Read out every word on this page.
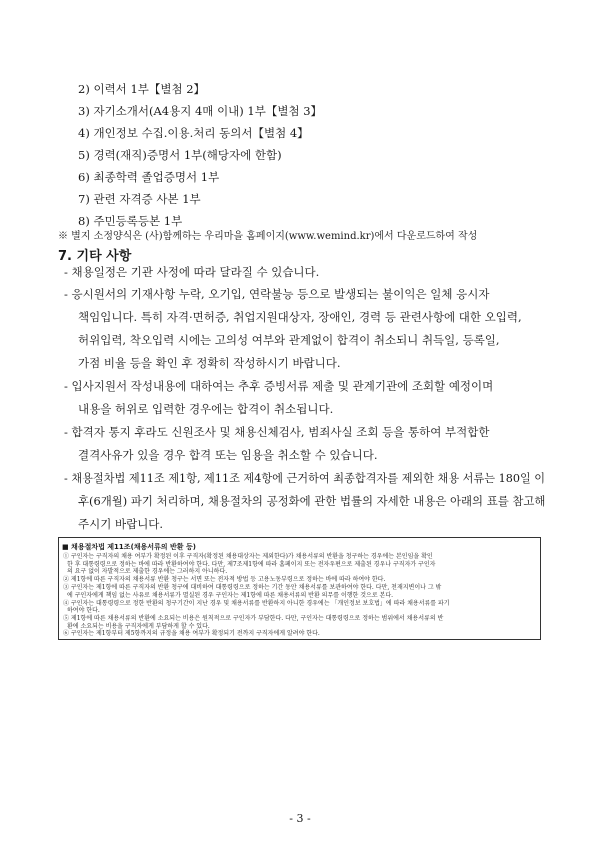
2) 이력서 1부【별첨 2】
3) 자기소개서(A4용지 4매 이내) 1부【별첨 3】
4) 개인정보 수집.이용.처리 동의서【별첨 4】
5) 경력(재직)증명서 1부(해당자에 한함)
6) 최종학력 졸업증명서 1부
7) 관련 자격증 사본 1부
8) 주민등록등본 1부
※ 별지 소정양식은 (사)함께하는 우리마을 홈페이지(www.wemind.kr)에서 다운로드하여 작성
7. 기타 사항
- 채용일정은 기관 사정에 따라 달라질 수 있습니다.
- 응시원서의 기재사항 누락, 오기입, 연락불능 등으로 발생되는 불이익은 일체 응시자
책임입니다. 특히 자격·면허증, 취업지원대상자, 장애인, 경력 등 관련사항에 대한 오입력,
허위입력, 착오입력 시에는 고의성 여부와 관계없이 합격이 취소되니 취득일, 등록일,
가점 비율 등을 확인 후 정확히 작성하시기 바랍니다.
- 입사지원서 작성내용에 대하여는 추후 증빙서류 제출 및 관계기관에 조회할 예정이며
내용을 허위로 입력한 경우에는 합격이 취소됩니다.
- 합격자 통지 후라도 신원조사 및 채용신체검사, 범죄사실 조회 등을 통하여 부적합한
결격사유가 있을 경우 합격 또는 임용을 취소할 수 있습니다.
■ 채용절차법 제11조(채용서류의 반환 등)
① 구인자는 구직자의 채용 여부가 확정된 이후 구직자(확정된 채용대상자는 제외한다)가 채용서류의 반환을 청구하는 경우에는 본인임을 확인
한 후 대통령령으로 정하는 바에 따라 반환하여야 한다. 다만, 제7조제1항에 따라 홈페이지 또는 전자우편으로 제출된 경우나 구직자가 구인자
의 요구 없이 자발적으로 제출한 경우에는 그러하지 아니하다.
② 제1항에 따른 구직자의 채용서류 반환 청구는 서면 또는 전자적 방법 등 고용노동부령으로 정하는 바에 따라 하여야 한다.
③ 구인자는 제1항에 따른 구직자의 반환 청구에 대비하여 대통령령으로 정하는 기간 동안 채용서류를 보관하여야 한다. 다만, 천재지변이나 그 밖
에 구인자에게 책임 없는 사유로 채용서류가 멸실된 경우 구인자는 제1항에 따른 채용서류의 반환 의무를 이행한 것으로 본다.
④ 구인자는 대통령령으로 정한 반환의 청구기간이 지난 경우 및 채용서류를 반환하지 아니한 경우에는 「개인정보 보호법」에 따라 채용서류를 파기
하여야 한다.
⑤ 제1항에 따른 채용서류의 반환에 소요되는 비용은 원칙적으로 구인자가 부담한다. 다만, 구인자는 대통령령으로 정하는 범위에서 채용서류의 반
환에 소요되는 비용을 구직자에게 부담하게 할 수 있다.
⑥ 구인자는 제1항부터 제5항까지의 규정을 채용 여부가 확정되기 전까지 구직자에게 알려야 한다.
- 3 -
- 채용절차법 제11조 제1항, 제11조 제4항에 근거하여 최종합격자를 제외한 채용 서류는 180일 이
후(6개월) 파기 처리하며, 채용절차의 공정화에 관한 법률의 자세한 내용은 아래의 표를 참고해
주시기 바랍니다.
